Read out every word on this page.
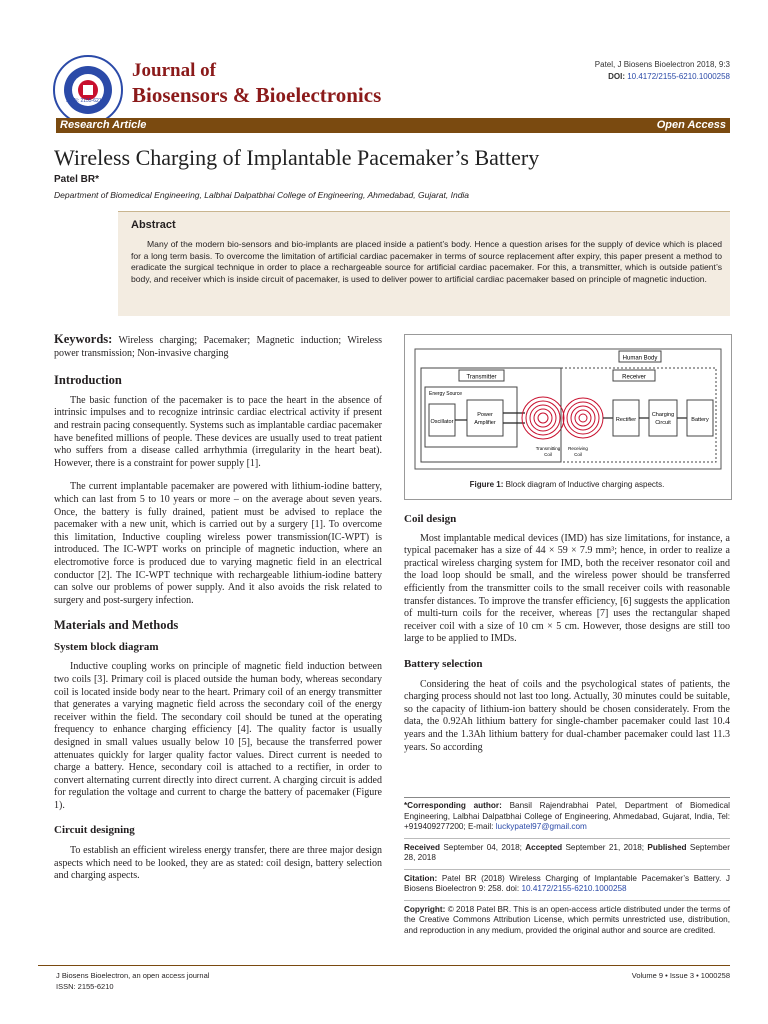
ISSN: 2155-6210
Journal of
Biosensors & Bioelectronics
Patel, J Biosens Bioelectron 2018, 9:3
DOI: 10.4172/2155-6210.1000258
Research Article	Open Access
Wireless Charging of Implantable Pacemaker’s Battery
Patel BR*
Department of Biomedical Engineering, Lalbhai Dalpatbhai College of Engineering, Ahmedabad, Gujarat, India
Abstract

Many of the modern bio-sensors and bio-implants are placed inside a patient’s body. Hence a question arises for the supply of device which is placed for a long term basis. To overcome the limitation of artificial cardiac pacemaker in terms of source replacement after expiry, this paper present a method to eradicate the surgical technique in order to place a rechargeable source for artificial cardiac pacemaker. For this, a transmitter, which is outside patient’s body, and receiver which is inside circuit of pacemaker, is used to deliver power to artificial cardiac pacemaker based on principle of magnetic induction.

Keywords: Wireless charging; Pacemaker; Magnetic induction; Wireless power transmission; Non-invasive charging
Introduction

The basic function of the pacemaker is to pace the heart in the absence of intrinsic impulses and to recognize intrinsic cardiac electrical activity if present and restrain pacing consequently. Systems such as implantable cardiac pacemaker have benefited millions of people. These devices are usually used to treat patient who suffers from a disease called arrhythmia (irregularity in the heart beat). However, there is a constraint for power supply [1].

The current implantable pacemaker are powered with lithium-iodine battery, which can last from 5 to 10 years or more – on the average about seven years. Once, the battery is fully drained, patient must be advised to replace the pacemaker with a new unit, which is carried out by a surgery [1]. To overcome this limitation, Inductive coupling wireless power transmission(IC-WPT) is introduced. The IC-WPT works on principle of magnetic induction, where an electromotive force is produced due to varying magnetic field in an electrical conductor [2]. The IC-WPT technique with rechargeable lithium-iodine battery can solve our problems of power supply. And it also avoids the risk related to surgery and post-surgery infection.

Materials and Methods
System block diagram

Inductive coupling works on principle of magnetic field induction between two coils [3]. Primary coil is placed outside the human body, whereas secondary coil is located inside body near to the heart. Primary coil of an energy transmitter that generates a varying magnetic field across the secondary coil of the energy receiver within the field. The secondary coil should be tuned at the operating frequency to enhance charging efficiency [4]. The quality factor is usually designed in small values usually below 10 [5], because the transferred power attenuates quickly for larger quality factor values. Direct current is needed to charge a battery. Hence, secondary coil is attached to a rectifier, in order to convert alternating current directly into direct current. A charging circuit is added for regulation the voltage and current to charge the battery of pacemaker (Figure 1).

Circuit designing

To establish an efficient wireless energy transfer, there are three major design aspects which need to be looked, they are as stated: coil design, battery selection and charging aspects.

Human Body
Transmitter
Energy Source
Oscillator
Power
Amplifier
Transmitting
Coil
Receiver
Receiving
Coil
Rectifier
Charging
Circuit	Battery
Figure 1: Block diagram of Inductive charging aspects.
Coil design

Most implantable medical devices (IMD) has size limitations, for instance, a typical pacemaker has a size of 44 × 59 × 7.9 mm³; hence, in order to realize a practical wireless charging system for IMD, both the receiver resonator coil and the load loop should be small, and the wireless power should be transferred efficiently from the transmitter coils to the small receiver coils with reasonable transfer distances. To improve the transfer efficiency, [6] suggests the application of multi-turn coils for the receiver, whereas [7] uses the rectangular shaped receiver coil with a size of 10 cm × 5 cm. However, those designs are still too large to be applied to IMDs.

Battery selection

Considering the heat of coils and the psychological states of patients, the charging process should not last too long. Actually, 30 minutes could be suitable, so the capacity of lithium-ion battery should be chosen considerately. From the data, the 0.92Ah lithium battery for single-chamber pacemaker could last 10.4 years and the 1.3Ah lithium battery for dual-chamber pacemaker could last 11.3 years. So according

*Corresponding author: Bansil Rajendrabhai Patel, Department of Biomedical Engineering, Lalbhai Dalpatbhai College of Engineering, Ahmedabad, Gujarat, India, Tel: +919409277200; E-mail: luckypatel97@gmail.com

Received September 04, 2018; Accepted September 21, 2018; Published September 28, 2018

Citation: Patel BR (2018) Wireless Charging of Implantable Pacemaker’s Battery. J Biosens Bioelectron 9: 258. doi: 10.4172/2155-6210.1000258

Copyright: © 2018 Patel BR. This is an open-access article distributed under the terms of the Creative Commons Attribution License, which permits unrestricted use, distribution, and reproduction in any medium, provided the original author and source are credited.

J Biosens Bioelectron, an open access journal
ISSN: 2155-6210
Volume 9 • Issue 3 • 1000258
